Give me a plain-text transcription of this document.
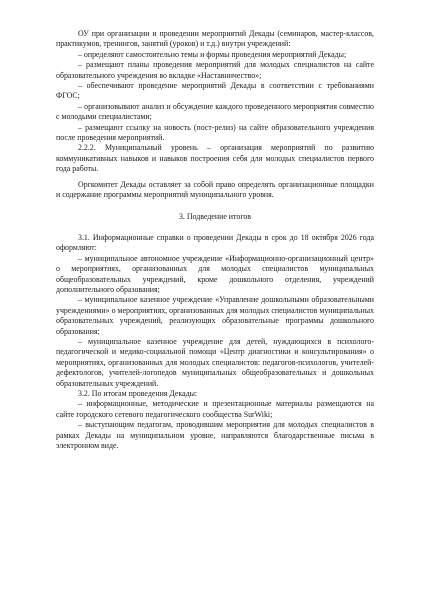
ОУ при организации и проведении мероприятий Декады (семинаров, мастер-классов, практикумов, тренингов, занятий (уроков) и т.д.) внутри учреждений:

– определяют самостоятельно темы и формы проведения мероприятий Декады;

– размещают планы проведения мероприятий для молодых специалистов на сайте образовательного учреждения во вкладке «Наставничество»;

– обеспечивают проведение мероприятий Декады в соответствии с требованиями ФГОС;

– организовывают анализ и обсуждение каждого проведенного мероприятия совместно с молодыми специалистами;

– размещают ссылку на новость (пост-релиз) на сайте образовательного учреждения после проведения мероприятий.

2.2.2. Муниципальный уровень – организация мероприятий по развитию коммуникативных навыков и навыков построения себя для молодых специалистов первого года работы.

Оргкомитет Декады оставляет за собой право определять организационные площадки и содержание программы мероприятий муниципального уровня.

3. Подведение итогов

3.1. Информационные справки о проведении Декады в срок до 18 октября 2026 года оформляют:

– муниципальное автономное учреждение «Информационно-организационный центр» о мероприятиях, организованных для молодых специалистов муниципальных общеобразовательных учреждений, кроме дошкольного отделения, учреждений дополнительного образования;

– муниципальное казенное учреждение «Управление дошкольными образовательными учреждениями» о мероприятиях, организованных для молодых специалистов муниципальных образовательных учреждений, реализующих образовательные программы дошкольного образования;

– муниципальное казенное учреждение для детей, нуждающихся в психолого-педагогической и медико-социальной помощи «Центр диагностики и консультирования» о мероприятиях, организованных для молодых специалистов: педагогов-психологов, учителей-дефектологов, учителей-логопедов муниципальных общеобразовательных и дошкольных образовательных учреждений.

3.2. По итогам проведения Декады:

– информационные, методические и презентационные материалы размещаются на сайте городского сетевого педагогического сообщества SurWiki;

– выступающим педагогам, проводившим мероприятия для молодых специалистов в рамках Декады на муниципальном уровне, направляются благодарственные письма в электронном виде.
